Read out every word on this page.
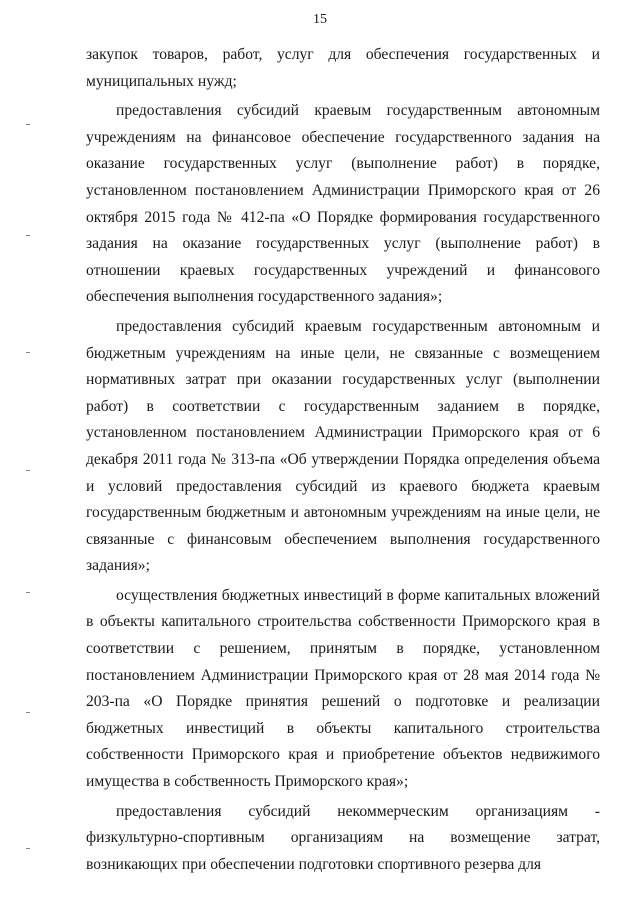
15

закупок товаров, работ, услуг для обеспечения государственных и муниципальных нужд;

предоставления субсидий краевым государственным автономным учреждениям на финансовое обеспечение государственного задания на оказание государственных услуг (выполнение работ) в порядке, установленном постановлением Администрации Приморского края от 26 октября 2015 года № 412-па «О Порядке формирования государственного задания на оказание государственных услуг (выполнение работ) в отношении краевых государственных учреждений и финансового обеспечения выполнения государственного задания»;

предоставления субсидий краевым государственным автономным и бюджетным учреждениям на иные цели, не связанные с возмещением нормативных затрат при оказании государственных услуг (выполнении работ) в соответствии с государственным заданием в порядке, установленном постановлением Администрации Приморского края от 6 декабря 2011 года № 313-па «Об утверждении Порядка определения объема и условий предоставления субсидий из краевого бюджета краевым государственным бюджетным и автономным учреждениям на иные цели, не связанные с финансовым обеспечением выполнения государственного задания»;

осуществления бюджетных инвестиций в форме капитальных вложений в объекты капитального строительства собственности Приморского края в соответствии с решением, принятым в порядке, установленном постановлением Администрации Приморского края от 28 мая 2014 года № 203-па «О Порядке принятия решений о подготовке и реализации бюджетных инвестиций в объекты капитального строительства собственности Приморского края и приобретение объектов недвижимого имущества в собственность Приморского края»;

предоставления субсидий некоммерческим организациям - физкультурно-спортивным организациям на возмещение затрат, возникающих при обеспечении подготовки спортивного резерва для
